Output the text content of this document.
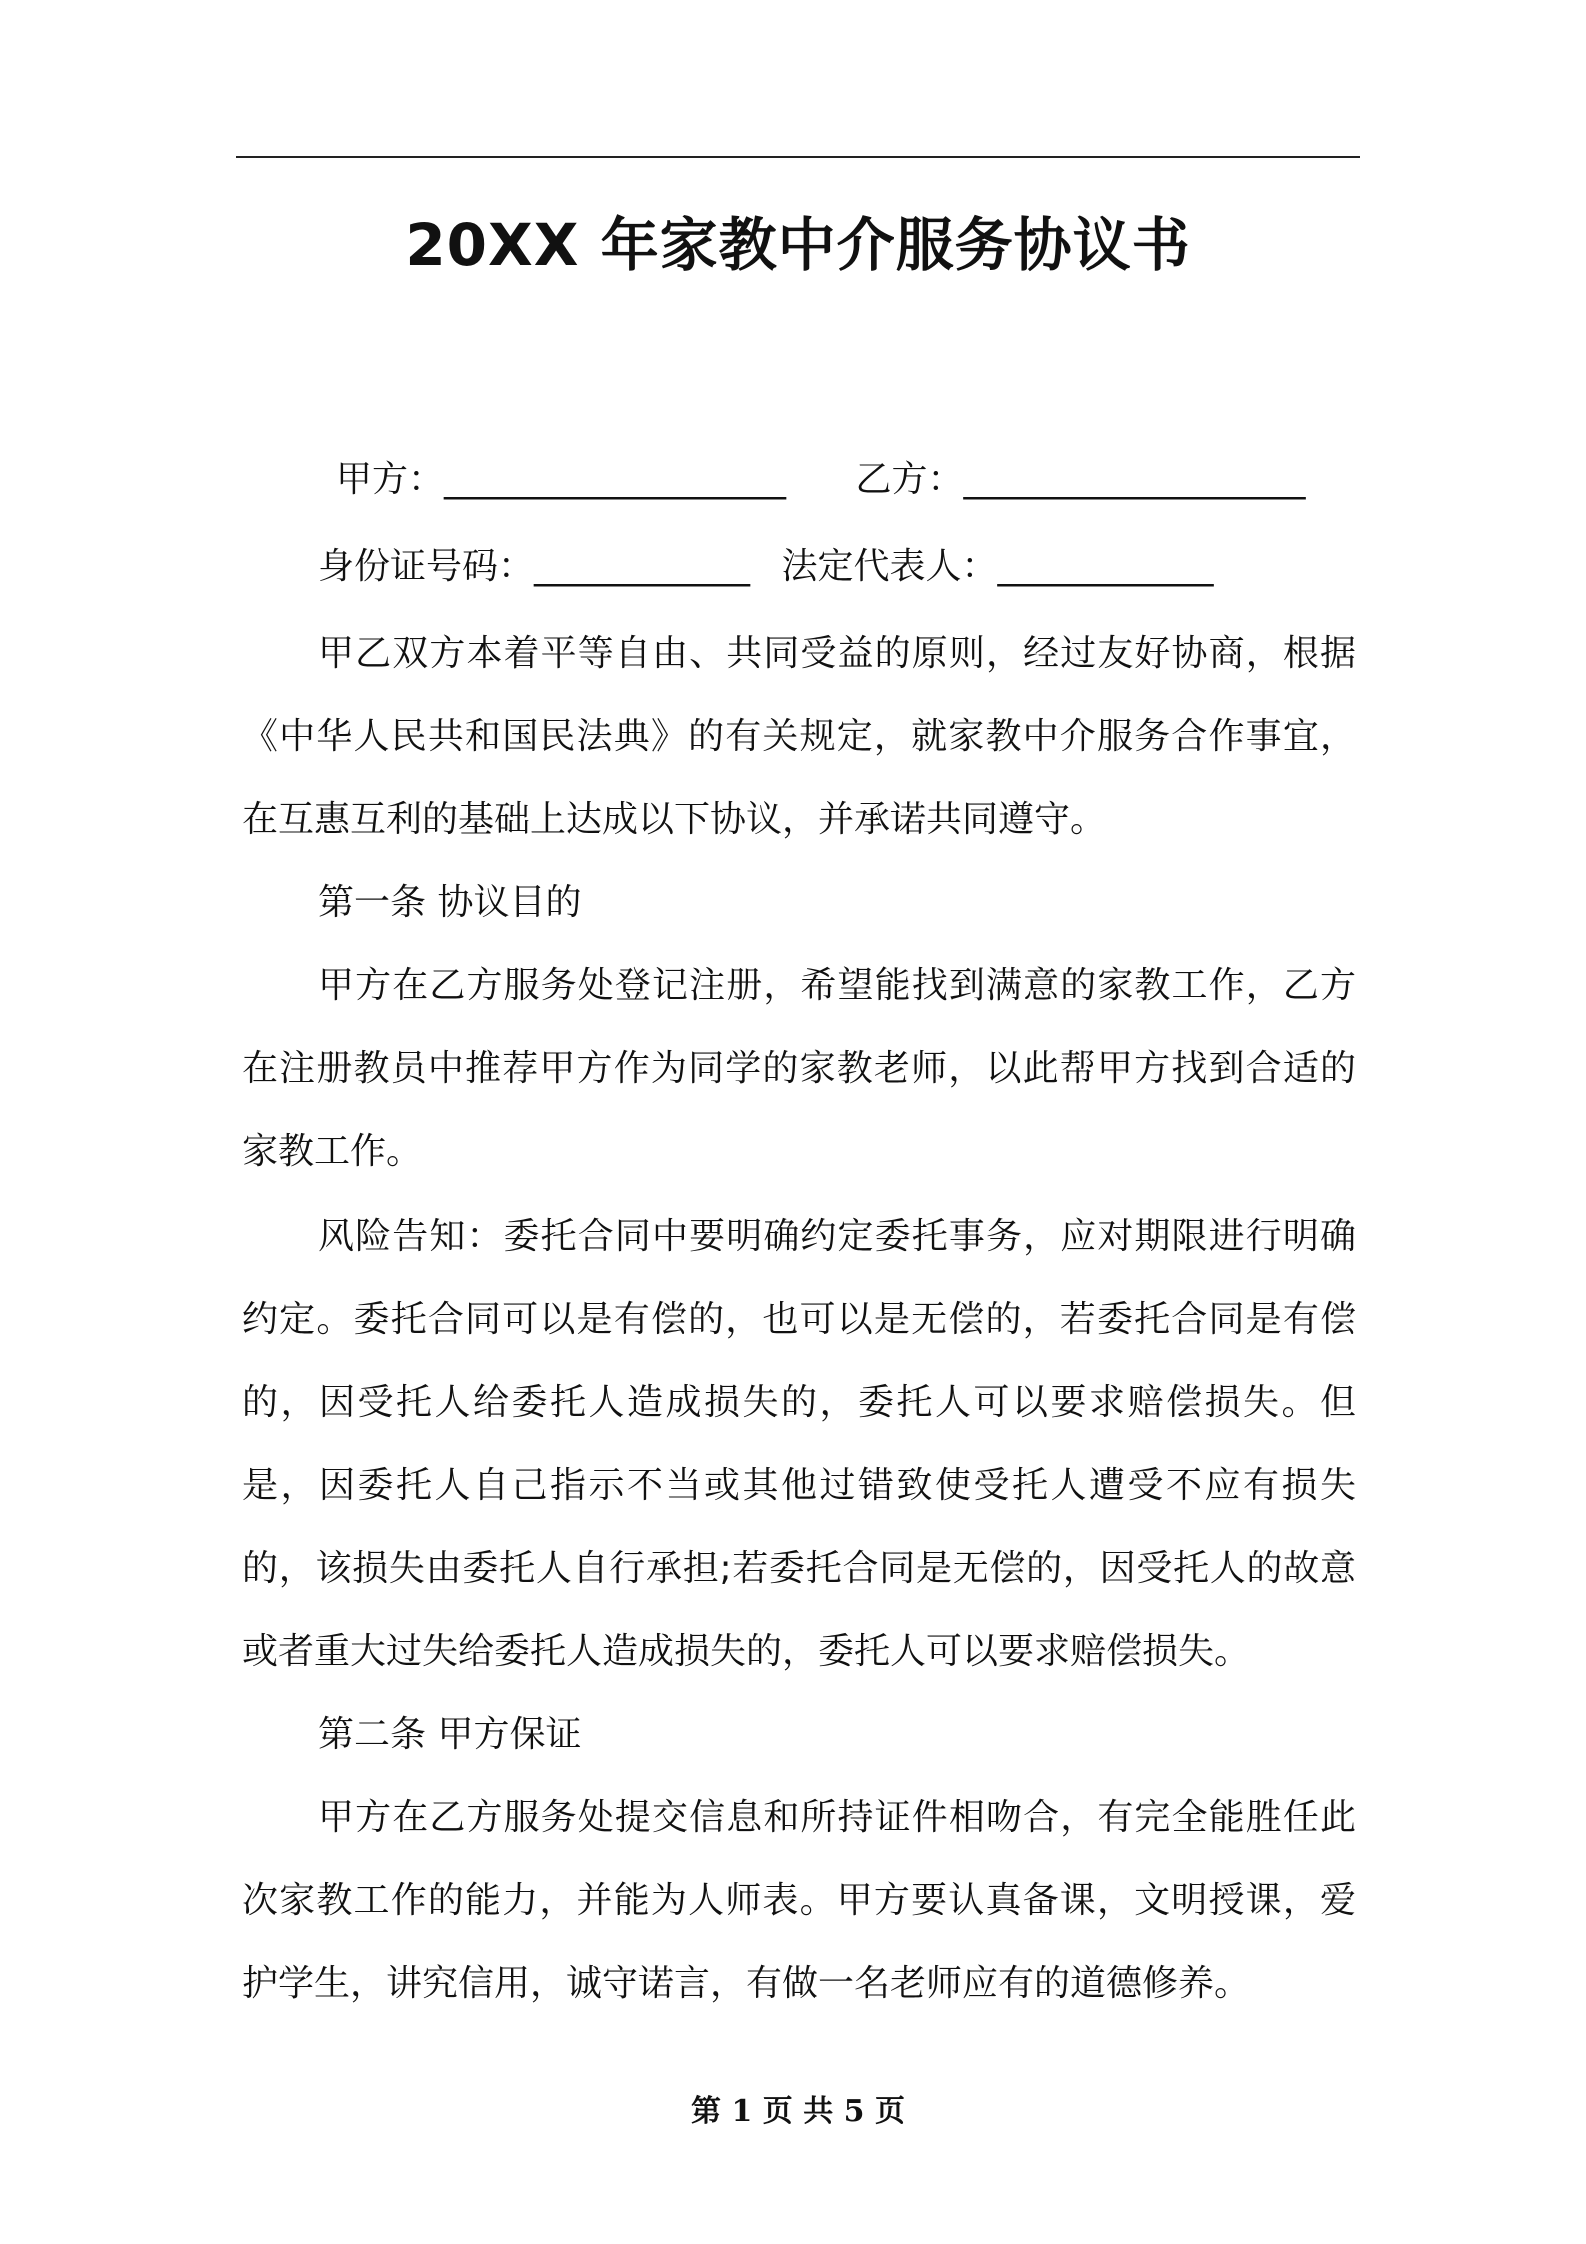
20XX 年家教中介服务协议书
甲方：___________________ 乙方：___________________
身份证号码：____________ 法定代表人：____________

甲乙双方本着平等自由、共同受益的原则，经过友好协商，根据《中华人民共和国民法典》的有关规定，就家教中介服务合作事宜，在互惠互利的基础上达成以下协议，并承诺共同遵守。

第一条 协议目的

甲方在乙方服务处登记注册，希望能找到满意的家教工作，乙方在注册教员中推荐甲方作为同学的家教老师，以此帮甲方找到合适的家教工作。

风险告知：委托合同中要明确约定委托事务，应对期限进行明确约定。委托合同可以是有偿的，也可以是无偿的，若委托合同是有偿的，因受托人给委托人造成损失的，委托人可以要求赔偿损失。但是，因委托人自己指示不当或其他过错致使受托人遭受不应有损失的，该损失由委托人自行承担;若委托合同是无偿的，因受托人的故意或者重大过失给委托人造成损失的，委托人可以要求赔偿损失。

第二条 甲方保证

甲方在乙方服务处提交信息和所持证件相吻合，有完全能胜任此次家教工作的能力，并能为人师表。甲方要认真备课，文明授课，爱护学生，讲究信用，诚守诺言，有做一名老师应有的道德修养。

第 1 页 共 5 页
